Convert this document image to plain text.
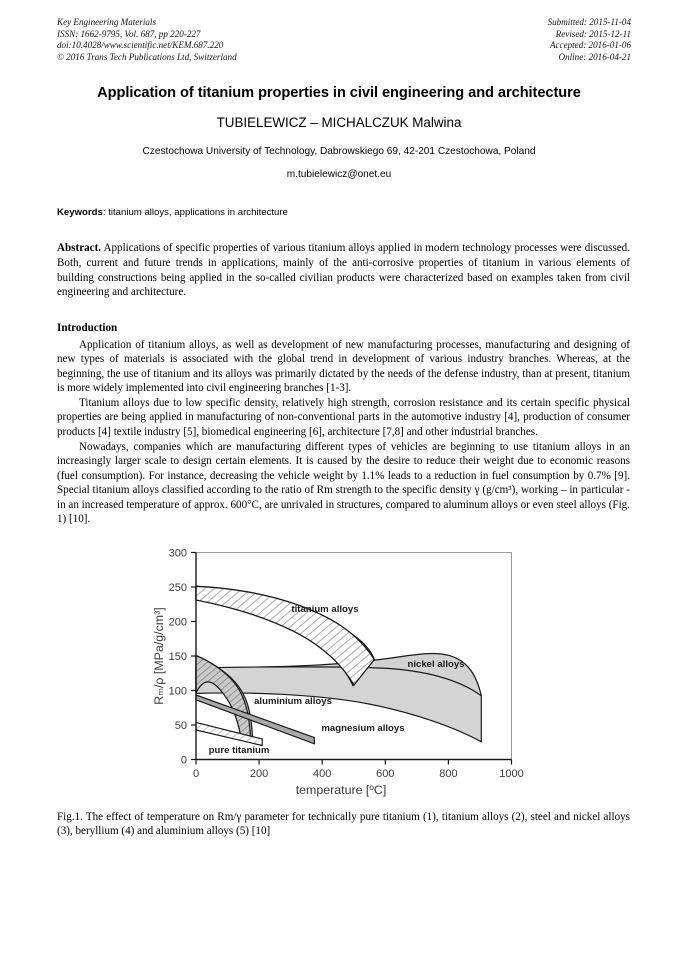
Key Engineering Materials
ISSN: 1662-9795, Vol. 687, pp 220-227
doi:10.4028/www.scientific.net/KEM.687.220
© 2016 Trans Tech Publications Ltd, Switzerland
Submitted: 2015-11-04
Revised: 2015-12-11
Accepted: 2016-01-06
Online: 2016-04-21
Application of titanium properties in civil engineering and architecture
TUBIELEWICZ – MICHALCZUK Malwina
Czestochowa University of Technology, Dabrowskiego 69, 42-201 Czestochowa, Poland
m.tubielewicz@onet.eu
Keywords: titanium alloys, applications in architecture
Abstract. Applications of specific properties of various titanium alloys applied in modern technology processes were discussed. Both, current and future trends in applications, mainly of the anti-corrosive properties of titanium in various elements of building constructions being applied in the so-called civilian products were characterized based on examples taken from civil engineering and architecture.
Introduction

Application of titanium alloys, as well as development of new manufacturing processes, manufacturing and designing of new types of materials is associated with the global trend in development of various industry branches. Whereas, at the beginning, the use of titanium and its alloys was primarily dictated by the needs of the defense industry, than at present, titanium is more widely implemented into civil engineering branches [1-3].

Titanium alloys due to low specific density, relatively high strength, corrosion resistance and its certain specific physical properties are being applied in manufacturing of non-conventional parts in the automotive industry [4], production of consumer products [4] textile industry [5], biomedical engineering [6], architecture [7,8] and other industrial branches.

Nowadays, companies which are manufacturing different types of vehicles are beginning to use titanium alloys in an increasingly larger scale to design certain elements. It is caused by the desire to reduce their weight due to economic reasons (fuel consumption). For instance, decreasing the vehicle weight by 1.1% leads to a reduction in fuel consumption by 0.7% [9]. Special titanium alloys classified according to the ratio of Rm strength to the specific density γ (g/cm³), working – in particular - in an increased temperature of approx. 600°C, are unrivaled in structures, compared to aluminum alloys or even steel alloys (Fig. 1) [10].

0
50
100
150
200
250
300
0	200	400	600	800	1000
temperature [ºC]
Rₘ/ρ [MPa/g/cm³]	titanium alloys
nickel alloys
aluminium alloys
magnesium alloys
pure titanium
Fig.1. The effect of temperature on Rm/γ parameter for technically pure titanium (1), titanium alloys (2), steel and nickel alloys (3), beryllium (4) and aluminium alloys (5) [10]
